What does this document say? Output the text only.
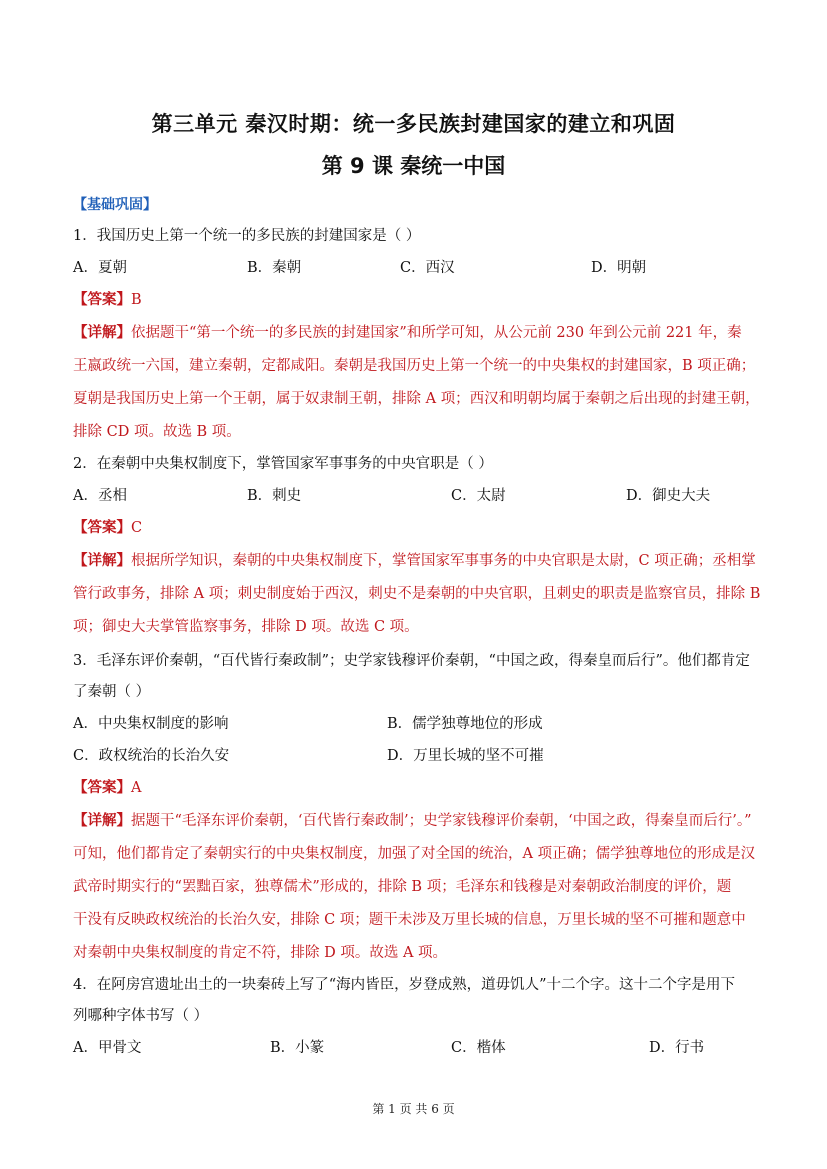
第三单元 秦汉时期：统一多民族封建国家的建立和巩固
第 9 课 秦统一中国
【基础巩固】
1．我国历史上第一个统一的多民族的封建国家是（ ）
A．夏朝	B．秦朝	C．西汉	D．明朝
【答案】B
【详解】依据题干“第一个统一的多民族的封建国家”和所学可知，从公元前 230 年到公元前 221 年，秦
王嬴政统一六国，建立秦朝，定都咸阳。秦朝是我国历史上第一个统一的中央集权的封建国家，B 项正确；
夏朝是我国历史上第一个王朝，属于奴隶制王朝，排除 A 项；西汉和明朝均属于秦朝之后出现的封建王朝，
排除 CD 项。故选 B 项。
2．在秦朝中央集权制度下，掌管国家军事事务的中央官职是（ ）
A．丞相	B．刺史	C．太尉	D．御史大夫
【答案】C
【详解】根据所学知识，秦朝的中央集权制度下，掌管国家军事事务的中央官职是太尉，C 项正确；丞相掌
管行政事务，排除 A 项；刺史制度始于西汉，刺史不是秦朝的中央官职，且刺史的职责是监察官员，排除 B
项；御史大夫掌管监察事务，排除 D 项。故选 C 项。
3．毛泽东评价秦朝，“百代皆行秦政制”；史学家钱穆评价秦朝，“中国之政，得秦皇而后行”。他们都肯定
了秦朝（ ）
A．中央集权制度的影响	B．儒学独尊地位的形成
C．政权统治的长治久安	D．万里长城的坚不可摧
【答案】A
【详解】据题干“毛泽东评价秦朝，‘百代皆行秦政制’；史学家钱穆评价秦朝，‘中国之政，得秦皇而后行’。”
可知，他们都肯定了秦朝实行的中央集权制度，加强了对全国的统治，A 项正确；儒学独尊地位的形成是汉
武帝时期实行的“罢黜百家，独尊儒术”形成的，排除 B 项；毛泽东和钱穆是对秦朝政治制度的评价，题
干没有反映政权统治的长治久安，排除 C 项；题干未涉及万里长城的信息，万里长城的坚不可摧和题意中
对秦朝中央集权制度的肯定不符，排除 D 项。故选 A 项。
4．在阿房宫遗址出土的一块秦砖上写了“海内皆臣，岁登成熟，道毋饥人”十二个字。这十二个字是用下
列哪种字体书写（ ）
A．甲骨文	B．小篆	C．楷体	D．行书
第 1 页 共 6 页
